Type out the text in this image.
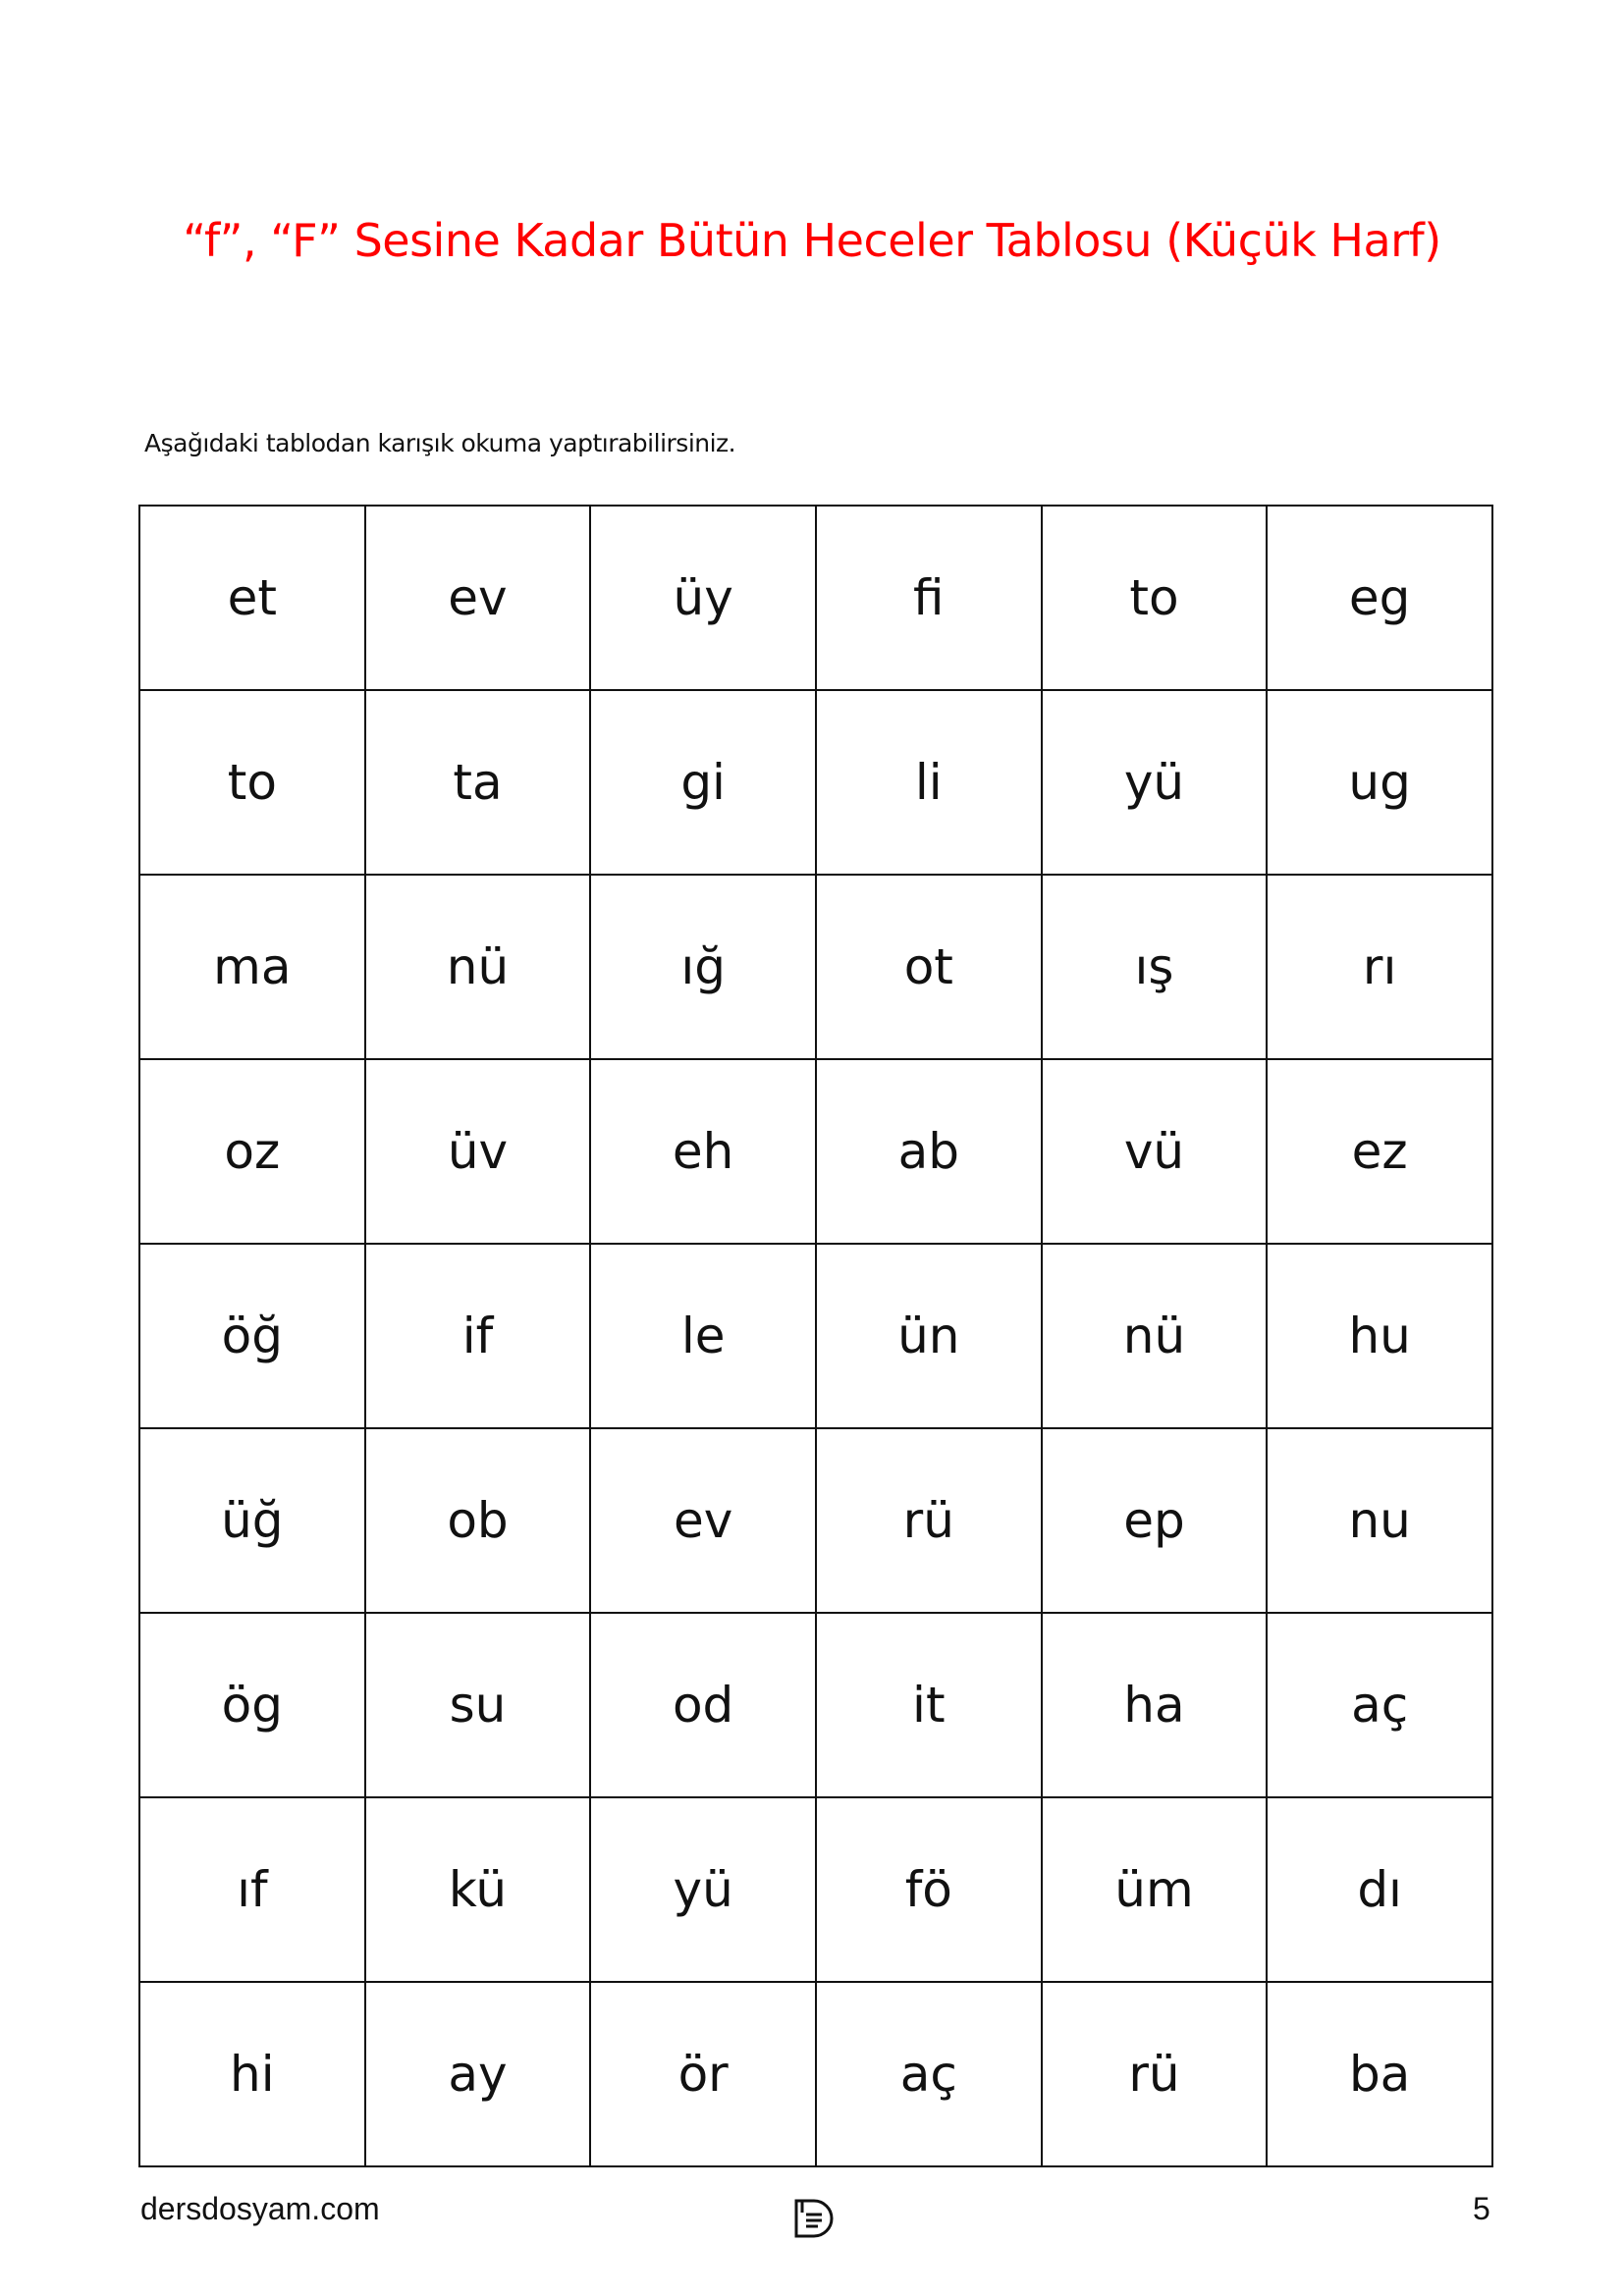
“f”, “F” Sesine Kadar Bütün Heceler Tablosu (Küçük Harf)
Aşağıdaki tablodan karışık okuma yaptırabilirsiniz.
et	ev	üy	fi	to	eg
to	ta	gi	li	yü	ug
ma	nü	ığ	ot	ış	rı
oz	üv	eh	ab	vü	ez
öğ	if	le	ün	nü	hu
üğ	ob	ev	rü	ep	nu
ög	su	od	it	ha	aç
ıf	kü	yü	fö	üm	dı
hi	ay	ör	aç	rü	ba
dersdosyam.com	5
